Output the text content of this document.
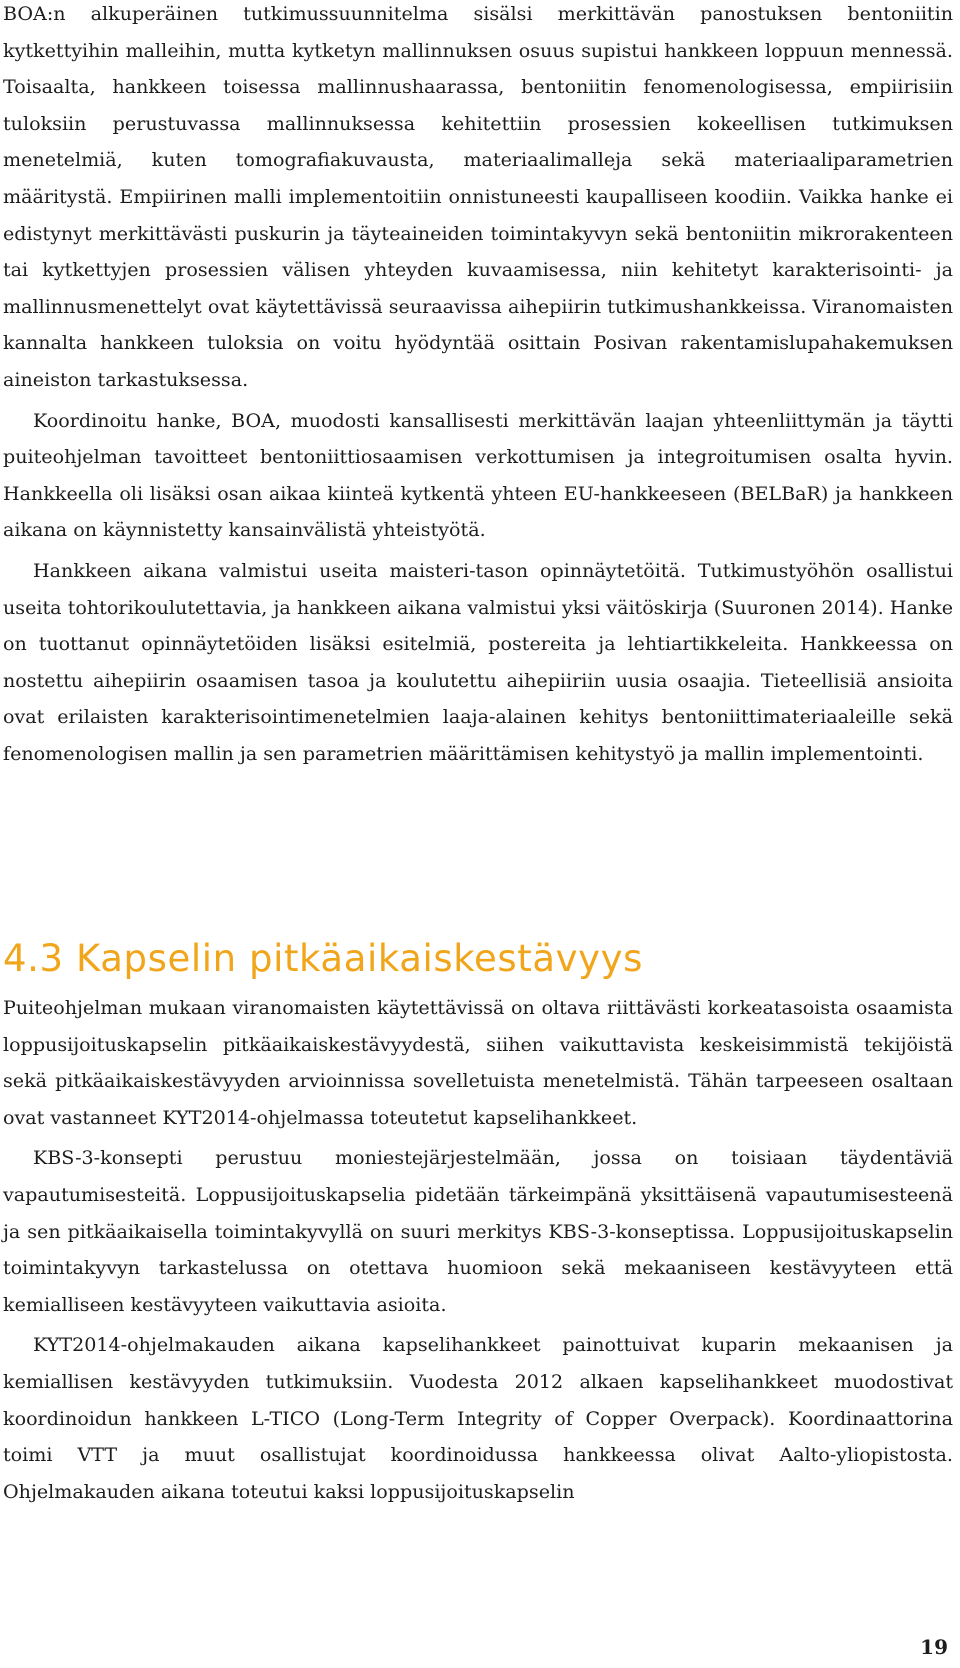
BOA:n alkuperäinen tutkimussuunnitelma sisälsi merkittävän panostuksen bentoniitin kytkettyihin malleihin, mutta kytketyn mallinnuksen osuus supistui hankkeen loppuun mennessä. Toisaalta, hankkeen toisessa mallinnushaarassa, bentoniitin fenomenologisessa, empiirisiin tuloksiin perustuvassa mallinnuksessa kehitettiin prosessien kokeellisen tutkimuksen menetelmiä, kuten tomografiakuvausta, materiaalimalleja sekä materiaaliparametrien määritystä. Empiirinen malli implementoitiin onnistuneesti kaupalliseen koodiin. Vaikka hanke ei edistynyt merkittävästi puskurin ja täyteaineiden toimintakyvyn sekä bentoniitin mikrorakenteen tai kytkettyjen prosessien välisen yhteyden kuvaamisessa, niin kehitetyt karakterisointi- ja mallinnusmenettelyt ovat käytettävissä seuraavissa aihepiirin tutkimushankkeissa. Viranomaisten kannalta hankkeen tuloksia on voitu hyödyntää osittain Posivan rakentamislupahakemuksen aineiston tarkastuksessa.

Koordinoitu hanke, BOA, muodosti kansallisesti merkittävän laajan yhteenliittymän ja täytti puiteohjelman tavoitteet bentoniittiosaamisen verkottumisen ja integroitumisen osalta hyvin. Hankkeella oli lisäksi osan aikaa kiinteä kytkentä yhteen EU-hankkeeseen (BELBaR) ja hankkeen aikana on käynnistetty kansainvälistä yhteistyötä.

Hankkeen aikana valmistui useita maisteri-tason opinnäytetöitä. Tutkimustyöhön osallistui useita tohtorikoulutettavia, ja hankkeen aikana valmistui yksi väitöskirja (Suuronen 2014). Hanke on tuottanut opinnäytetöiden lisäksi esitelmiä, postereita ja lehtiartikkeleita. Hankkeessa on nostettu aihepiirin osaamisen tasoa ja koulutettu aihepiiriin uusia osaajia. Tieteellisiä ansioita ovat erilaisten karakterisointimenetelmien laaja-alainen kehitys bentoniittimateriaaleille sekä fenomenologisen mallin ja sen parametrien määrittämisen kehitystyö ja mallin implementointi.

Puiteohjelman mukaan viranomaisten käytettävissä on oltava riittävästi korkeatasoista osaamista loppusijoituskapselin pitkäaikaiskestävyydestä, siihen vaikuttavista keskeisimmistä tekijöistä sekä pitkäaikaiskestävyyden arvioinnissa sovelletuista menetelmistä. Tähän tarpeeseen osaltaan ovat vastanneet KYT2014-ohjelmassa toteutetut kapselihankkeet.

KBS-3-konsepti perustuu moniestejärjestelmään, jossa on toisiaan täydentäviä vapautumisesteitä. Loppusijoituskapselia pidetään tärkeimpänä yksittäisenä vapautumisesteenä ja sen pitkäaikaisella toimintakyvyllä on suuri merkitys KBS-3-konseptissa. Loppusijoituskapselin toimintakyvyn tarkastelussa on otettava huomioon sekä mekaaniseen kestävyyteen että kemialliseen kestävyyteen vaikuttavia asioita.

KYT2014-ohjelmakauden aikana kapselihankkeet painottuivat kuparin mekaanisen ja kemiallisen kestävyyden tutkimuksiin. Vuodesta 2012 alkaen kapselihankkeet muodostivat koordinoidun hankkeen L-TICO (Long-Term Integrity of Copper Overpack). Koordinaattorina toimi VTT ja muut osallistujat koordinoidussa hankkeessa olivat Aalto-yliopistosta. Ohjelmakauden aikana toteutui kaksi loppusijoituskapselin

4.3 Kapselin pitkäaikaiskestävyys
19
